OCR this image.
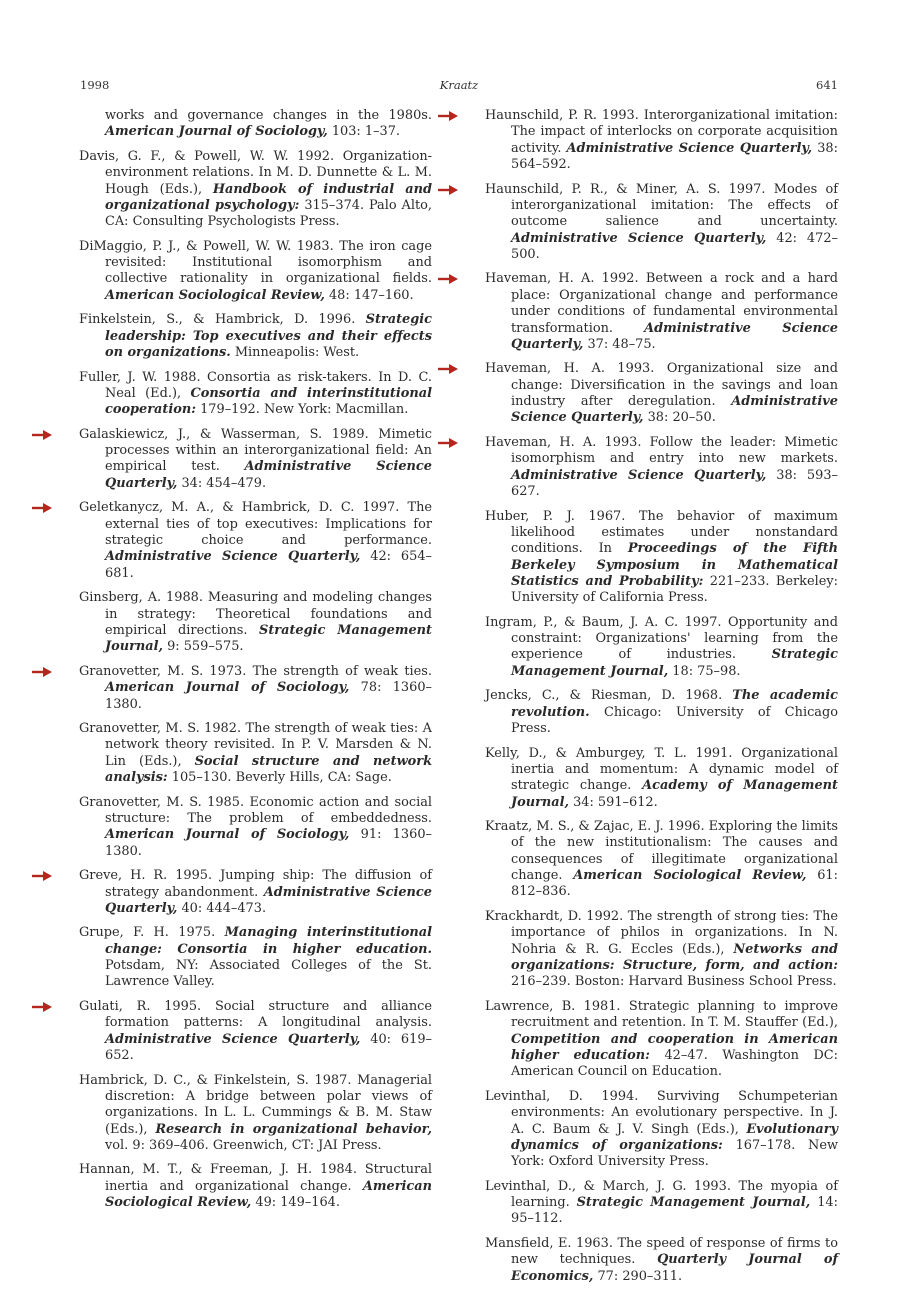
1998	Kraatz	641

works and governance changes in the 1980s. American Journal of Sociology, 103: 1–37.

Davis, G. F., & Powell, W. W. 1992. Organization-environment relations. In M. D. Dunnette & L. M. Hough (Eds.), Handbook of industrial and organizational psychology: 315–374. Palo Alto, CA: Consulting Psychologists Press.

DiMaggio, P. J., & Powell, W. W. 1983. The iron cage revisited: Institutional isomorphism and collective rationality in organizational fields. American Sociological Review, 48: 147–160.

Finkelstein, S., & Hambrick, D. 1996. Strategic leadership: Top executives and their effects on organizations. Minneapolis: West.

Fuller, J. W. 1988. Consortia as risk-takers. In D. C. Neal (Ed.), Consortia and interinstitutional cooperation: 179–192. New York: Macmillan.

Galaskiewicz, J., & Wasserman, S. 1989. Mimetic processes within an interorganizational field: An empirical test. Administrative Science Quarterly, 34: 454–479.

Geletkanycz, M. A., & Hambrick, D. C. 1997. The external ties of top executives: Implications for strategic choice and performance. Administrative Science Quarterly, 42: 654–681.

Ginsberg, A. 1988. Measuring and modeling changes in strategy: Theoretical foundations and empirical directions. Strategic Management Journal, 9: 559–575.

Granovetter, M. S. 1973. The strength of weak ties. American Journal of Sociology, 78: 1360–1380.

Granovetter, M. S. 1982. The strength of weak ties: A network theory revisited. In P. V. Marsden & N. Lin (Eds.), Social structure and network analysis: 105–130. Beverly Hills, CA: Sage.

Granovetter, M. S. 1985. Economic action and social structure: The problem of embeddedness. American Journal of Sociology, 91: 1360–1380.

Greve, H. R. 1995. Jumping ship: The diffusion of strategy abandonment. Administrative Science Quarterly, 40: 444–473.

Grupe, F. H. 1975. Managing interinstitutional change: Consortia in higher education. Potsdam, NY: Associated Colleges of the St. Lawrence Valley.

Gulati, R. 1995. Social structure and alliance formation patterns: A longitudinal analysis. Administrative Science Quarterly, 40: 619–652.

Hambrick, D. C., & Finkelstein, S. 1987. Managerial discretion: A bridge between polar views of organizations. In L. L. Cummings & B. M. Staw (Eds.), Research in organizational behavior, vol. 9: 369–406. Greenwich, CT: JAI Press.

Hannan, M. T., & Freeman, J. H. 1984. Structural inertia and organizational change. American Sociological Review, 49: 149–164.

Haunschild, P. R. 1993. Interorganizational imitation: The impact of interlocks on corporate acquisition activity. Administrative Science Quarterly, 38: 564–592.

Haunschild, P. R., & Miner, A. S. 1997. Modes of interorganizational imitation: The effects of outcome salience and uncertainty. Administrative Science Quarterly, 42: 472–500.

Haveman, H. A. 1992. Between a rock and a hard place: Organizational change and performance under conditions of fundamental environmental transformation. Administrative Science Quarterly, 37: 48–75.

Haveman, H. A. 1993. Organizational size and change: Diversification in the savings and loan industry after deregulation. Administrative Science Quarterly, 38: 20–50.

Haveman, H. A. 1993. Follow the leader: Mimetic isomorphism and entry into new markets. Administrative Science Quarterly, 38: 593–627.

Huber, P. J. 1967. The behavior of maximum likelihood estimates under nonstandard conditions. In Proceedings of the Fifth Berkeley Symposium in Mathematical Statistics and Probability: 221–233. Berkeley: University of California Press.

Ingram, P., & Baum, J. A. C. 1997. Opportunity and constraint: Organizations' learning from the experience of industries.	Strategic Management Journal, 18: 75–98.

Jencks, C., & Riesman, D. 1968. The academic revolution. Chicago: University of Chicago Press.

Kelly, D., & Amburgey, T. L. 1991. Organizational inertia and momentum: A dynamic model of strategic change. Academy of Management Journal, 34: 591–612.

Kraatz, M. S., & Zajac, E. J. 1996. Exploring the limits of the new institutionalism: The causes and consequences of illegitimate organizational change. American Sociological Review, 61: 812–836.

Krackhardt, D. 1992. The strength of strong ties: The importance of philos in organizations. In N. Nohria & R. G. Eccles (Eds.), Networks and organizations: Structure, form, and action: 216–239. Boston: Harvard Business School Press.

Lawrence, B. 1981. Strategic planning to improve recruitment and retention. In T. M. Stauffer (Ed.), Competition and cooperation in American higher education: 42–47. Washington DC: American Council on Education.

Levinthal, D. 1994. Surviving Schumpeterian environments: An evolutionary perspective. In J. A. C. Baum & J. V. Singh (Eds.), Evolutionary dynamics of organizations: 167–178. New York: Oxford University Press.

Levinthal, D., & March, J. G. 1993. The myopia of learning. Strategic Management Journal, 14: 95–112.

Mansfield, E. 1963. The speed of response of firms to new techniques. Quarterly Journal of Economics, 77: 290–311.
